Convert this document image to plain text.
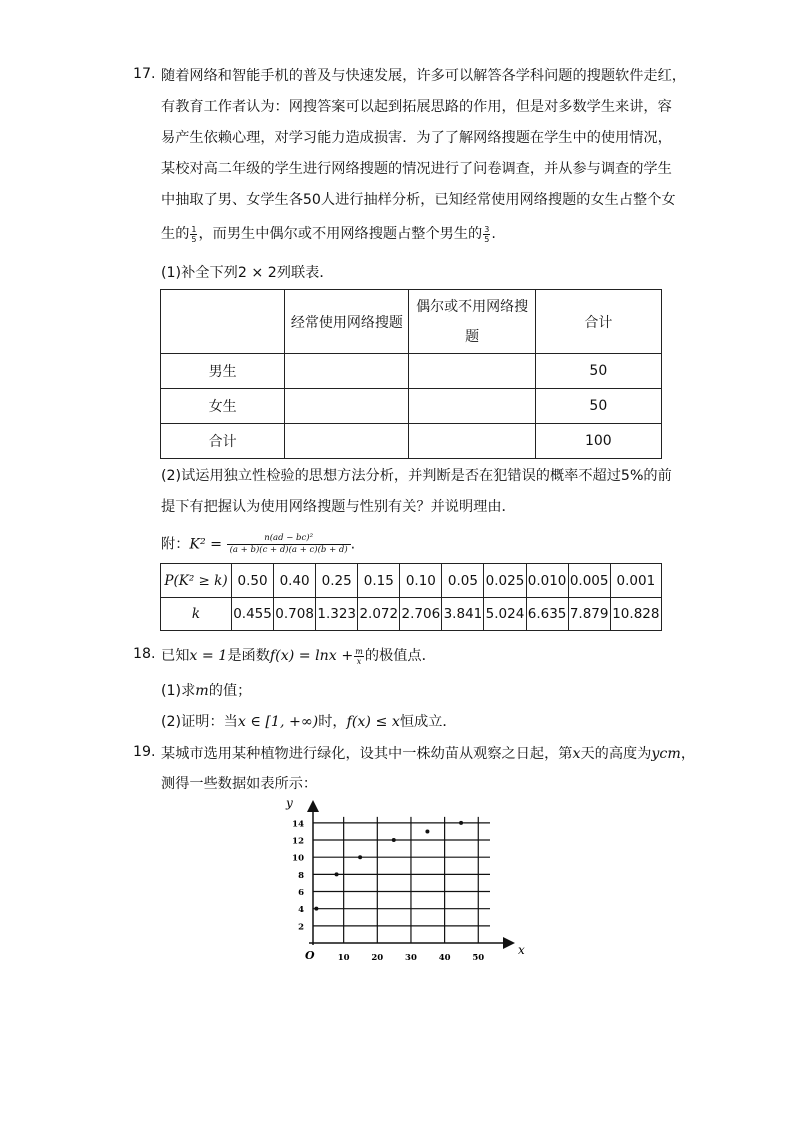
17. 随着网络和智能手机的普及与快速发展，许多可以解答各学科问题的搜题软件走红，
有教育工作者认为：网搜答案可以起到拓展思路的作用，但是对多数学生来讲，容
易产生依赖心理，对学习能力造成损害．为了了解网络搜题在学生中的使用情况，
某校对高二年级的学生进行网络搜题的情况进行了问卷调查，并从参与调查的学生
中抽取了男、女学生各50人进行抽样分析，已知经常使用网络搜题的女生占整个女
生的 $\frac{1}{5}$ ，而男生中偶尔或不用网络搜题占整个男生的 $\frac{3}{5}$ .
(1)补全下列2 × 2列联表．
	经常使用网络搜题	偶尔或不用网络搜
题	合计
男生			50
女生			50
合计			100
(2)试运用独立性检验的思想方法分析，并判断是否在犯错误的概率不超过5%的前
提下有把握认为使用网络搜题与性别有关？并说明理由．
附：$K^2 = \frac{\text{n(ad − bc)²}}{(a + b)(c + d)(a + c)(b + d)}$ .
P(K² ≥ k)	0.50	0.40	0.25	0.15	0.10	0.05	0.025	0.010	0.005	0.001
k	0.455	0.708	1.323	2.072	2.706	3.841	5.024	6.635	7.879	10.828
18. 已知x = 1是函数$f(x) = \ln x + \frac{m}{x}$ 的极值点．
(1)求m的值；
(2)证明：当x ∈ [1, +∞)时，f(x) ≤ x恒成立．
19. 某城市选用某种植物进行绿化，设其中一株幼苗从观察之日起，第x天的高度为ycm，
测得一些数据如表所示：
2
4
6
8
10
12
14
10	20	30	40	50
x
y
O
